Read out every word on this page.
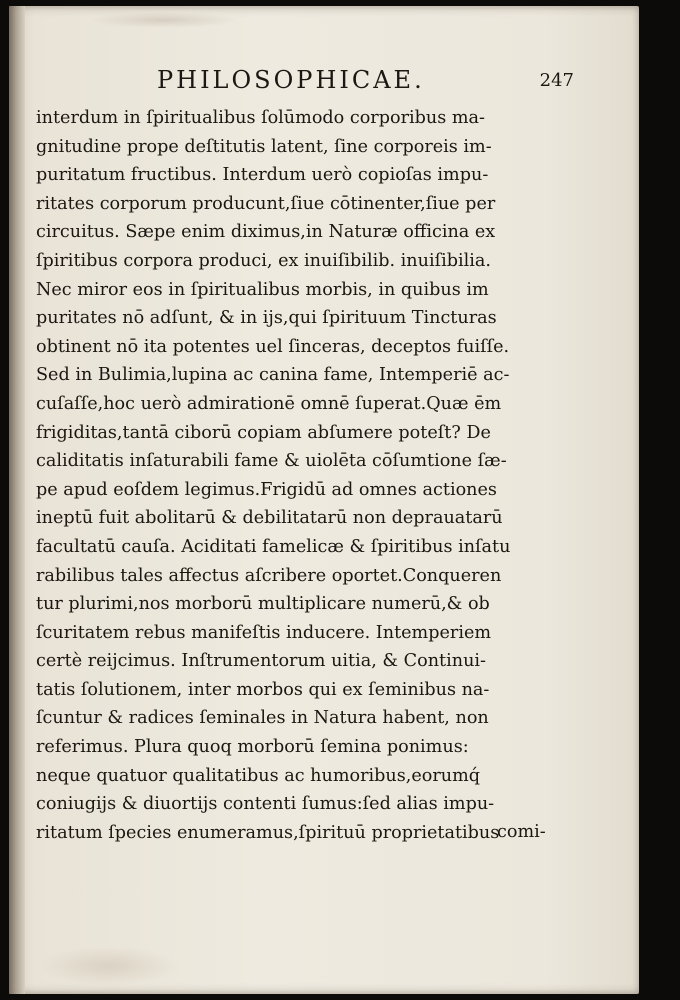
PHILOSOPHICAE.	247
interdum in ſpiritualibus ſolūmodo corporibus ma-
gnitudine prope deſtitutis latent, ſine corporeis im-
puritatum fructibus. Interdum uerò copioſas impu-
ritates corporum producunt,ſiue cōtinenter,ſiue per
circuitus. Sæpe enim diximus,in Naturæ officina ex
ſpiritibus corpora produci, ex inuiſibilib. inuiſibilia.
Nec miror eos in ſpiritualibus morbis, in quibus im
puritates nō adſunt, & in ijs,qui ſpirituum Tincturas
obtinent nō ita potentes uel ſinceras, deceptos fuiſſe.
Sed in Bulimia,lupina ac canina fame, Intemperiē ac-
cuſaſſe,hoc uerò admirationē omnē ſuperat.Quæ ēm
frigiditas,tantā ciborū copiam abſumere poteſt? De
caliditatis inſaturabili fame & uiolēta cōſumtione ſæ-
pe apud eoſdem legimus.Frigidū ad omnes actiones
ineptū fuit abolitarū & debilitatarū non deprauatarū
facultatū cauſa. Aciditati famelicæ & ſpiritibus inſatu
rabilibus tales affectus aſcribere oportet.Conqueren
tur plurimi,nos morborū multiplicare numerū,& ob
ſcuritatem rebus manifeſtis inducere. Intemperiem
certè reijcimus. Inſtrumentorum uitia, & Continui-
tatis ſolutionem, inter morbos qui ex ſeminibus na-
ſcuntur & radices ſeminales in Natura habent, non
referimus. Plura quoq morborū ſemina ponimus:
neque quatuor qualitatibus ac humoribus,eorumq́
coniugijs & diuortijs contenti ſumus:ſed alias impu-
ritatum ſpecies enumeramus,ſpirituū proprietatibus
comi-
